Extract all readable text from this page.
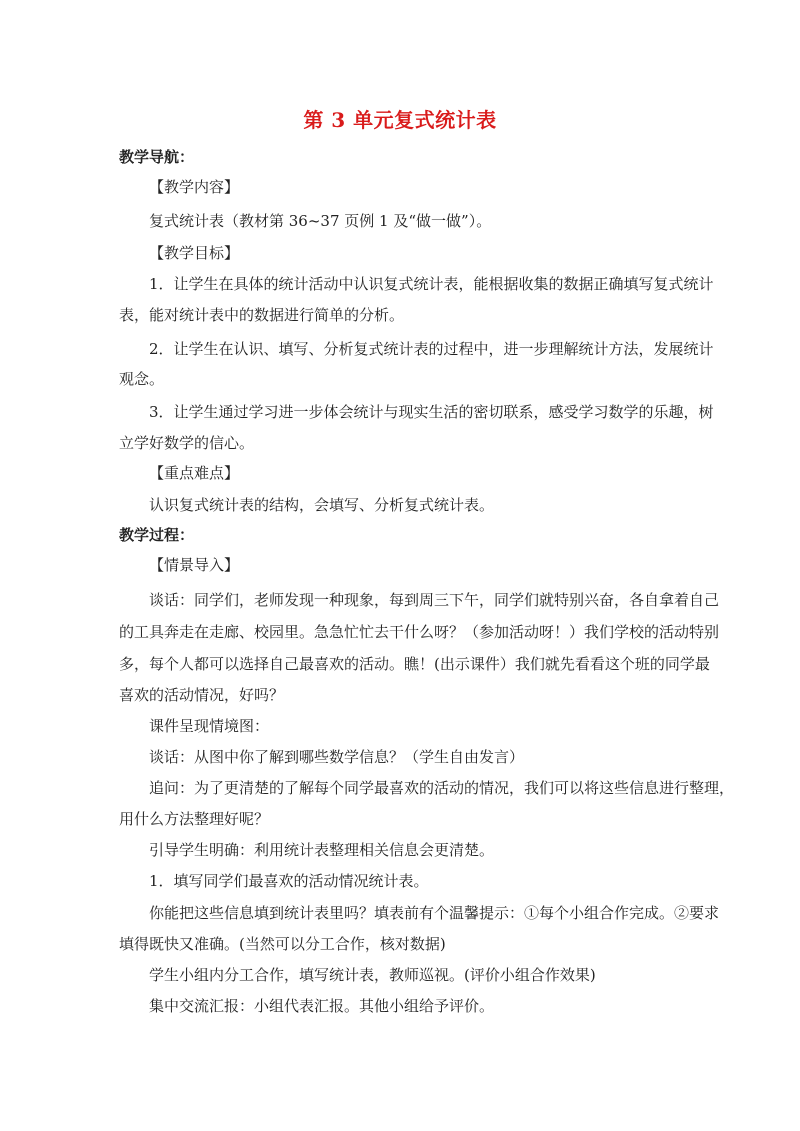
第 3 单元复式统计表
教学导航：
【教学内容】
复式统计表（教材第 36~37 页例 1 及“做一做”）。
【教学目标】
1．让学生在具体的统计活动中认识复式统计表，能根据收集的数据正确填写复式统计
表，能对统计表中的数据进行简单的分析。
2．让学生在认识、填写、分析复式统计表的过程中，进一步理解统计方法，发展统计
观念。
3．让学生通过学习进一步体会统计与现实生活的密切联系，感受学习数学的乐趣，树
立学好数学的信心。
【重点难点】
认识复式统计表的结构，会填写、分析复式统计表。
教学过程：
【情景导入】
谈话：同学们，老师发现一种现象，每到周三下午，同学们就特别兴奋，各自拿着自己
的工具奔走在走廊、校园里。急急忙忙去干什么呀？（参加活动呀！）我们学校的活动特别
多，每个人都可以选择自己最喜欢的活动。瞧！(出示课件）我们就先看看这个班的同学最
喜欢的活动情况，好吗？
课件呈现情境图：
谈话：从图中你了解到哪些数学信息？（学生自由发言）
追问：为了更清楚的了解每个同学最喜欢的活动的情况，我们可以将这些信息进行整理，
用什么方法整理好呢？
引导学生明确：利用统计表整理相关信息会更清楚。
1．填写同学们最喜欢的活动情况统计表。
你能把这些信息填到统计表里吗？填表前有个温馨提示：①每个小组合作完成。②要求
填得既快又准确。(当然可以分工合作，核对数据)
学生小组内分工合作，填写统计表，教师巡视。(评价小组合作效果)
集中交流汇报：小组代表汇报。其他小组给予评价。
